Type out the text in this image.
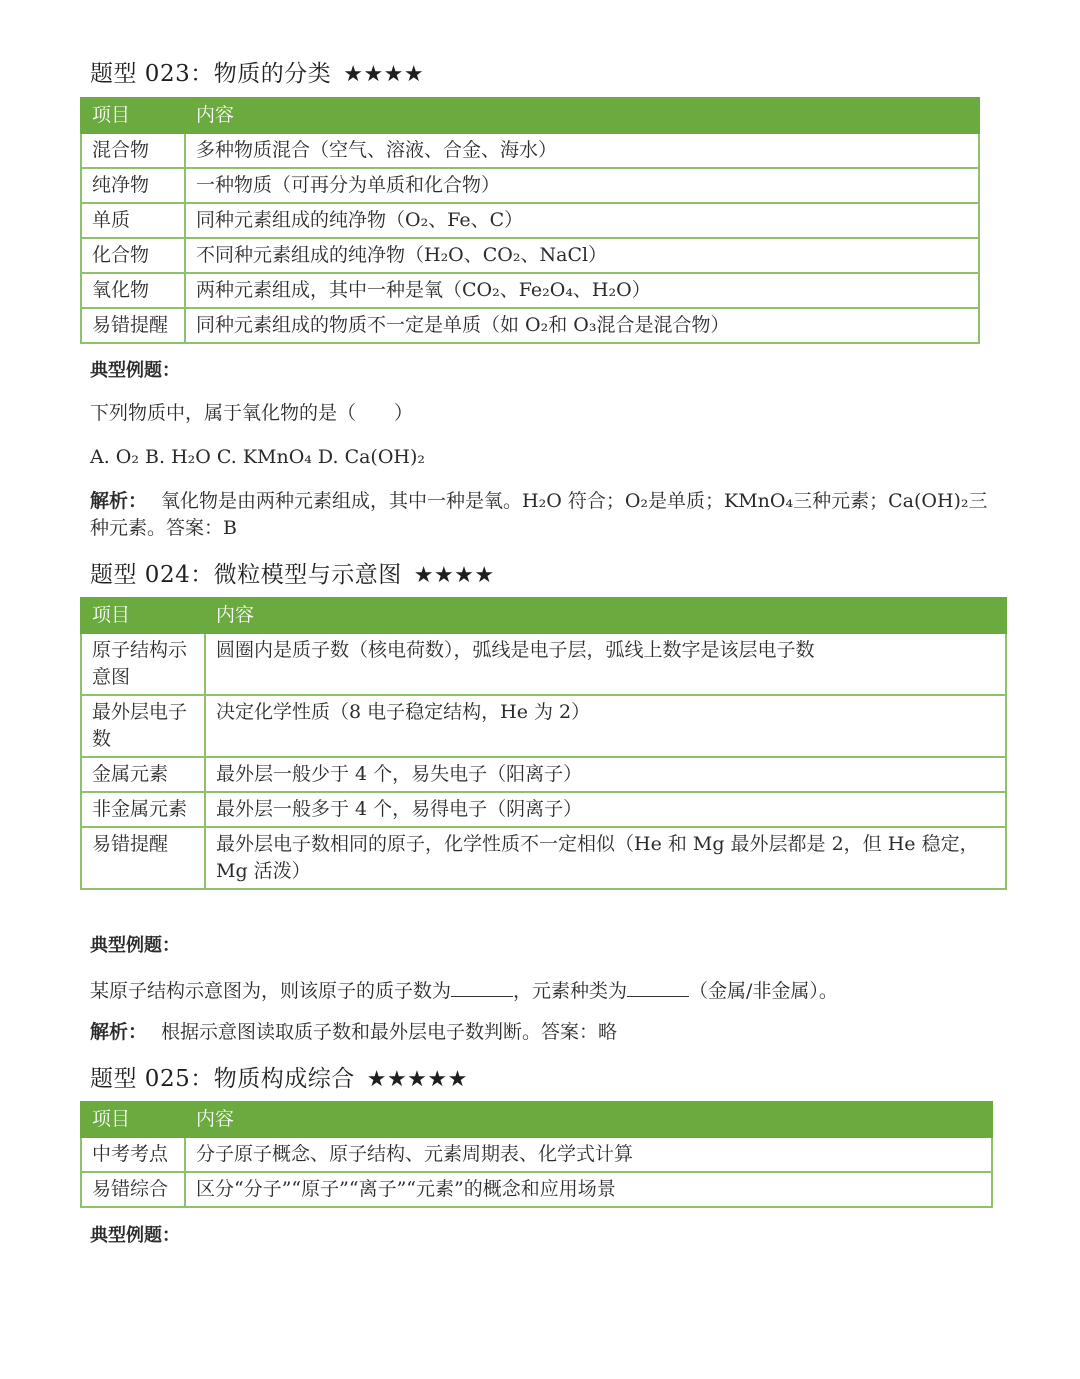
题型 023：物质的分类 ★★★★
项目	内容
混合物	多种物质混合（空气、溶液、合金、海水）
纯净物	一种物质（可再分为单质和化合物）
单质	同种元素组成的纯净物（O₂、Fe、C）
化合物	不同种元素组成的纯净物（H₂O、CO₂、NaCl）
氧化物	两种元素组成，其中一种是氧（CO₂、Fe₂O₄、H₂O）
易错提醒	同种元素组成的物质不一定是单质（如 O₂和 O₃混合是混合物）
典型例题：
下列物质中，属于氧化物的是（　　）
A. O₂ B. H₂O C. KMnO₄ D. Ca(OH)₂
解析： 氧化物是由两种元素组成，其中一种是氧。H₂O 符合；O₂是单质；KMnO₄三种元素；Ca(OH)₂三种元素。答案：B
题型 024：微粒模型与示意图 ★★★★
项目	内容
原子结构示意图	圆圈内是质子数（核电荷数），弧线是电子层，弧线上数字是该层电子数
最外层电子数	决定化学性质（8 电子稳定结构，He 为 2）
金属元素	最外层一般少于 4 个，易失电子（阳离子）
非金属元素	最外层一般多于 4 个，易得电子（阴离子）
易错提醒	最外层电子数相同的原子，化学性质不一定相似（He 和 Mg 最外层都是 2，但 He 稳定，Mg 活泼）
典型例题：
某原子结构示意图为，则该原子的质子数为	，元素种类为	（金属/非金属）。
解析： 根据示意图读取质子数和最外层电子数判断。答案：略
题型 025：物质构成综合 ★★★★★
项目	内容
中考考点	分子原子概念、原子结构、元素周期表、化学式计算
易错综合	区分“分子”“原子”“离子”“元素”的概念和应用场景
典型例题：
